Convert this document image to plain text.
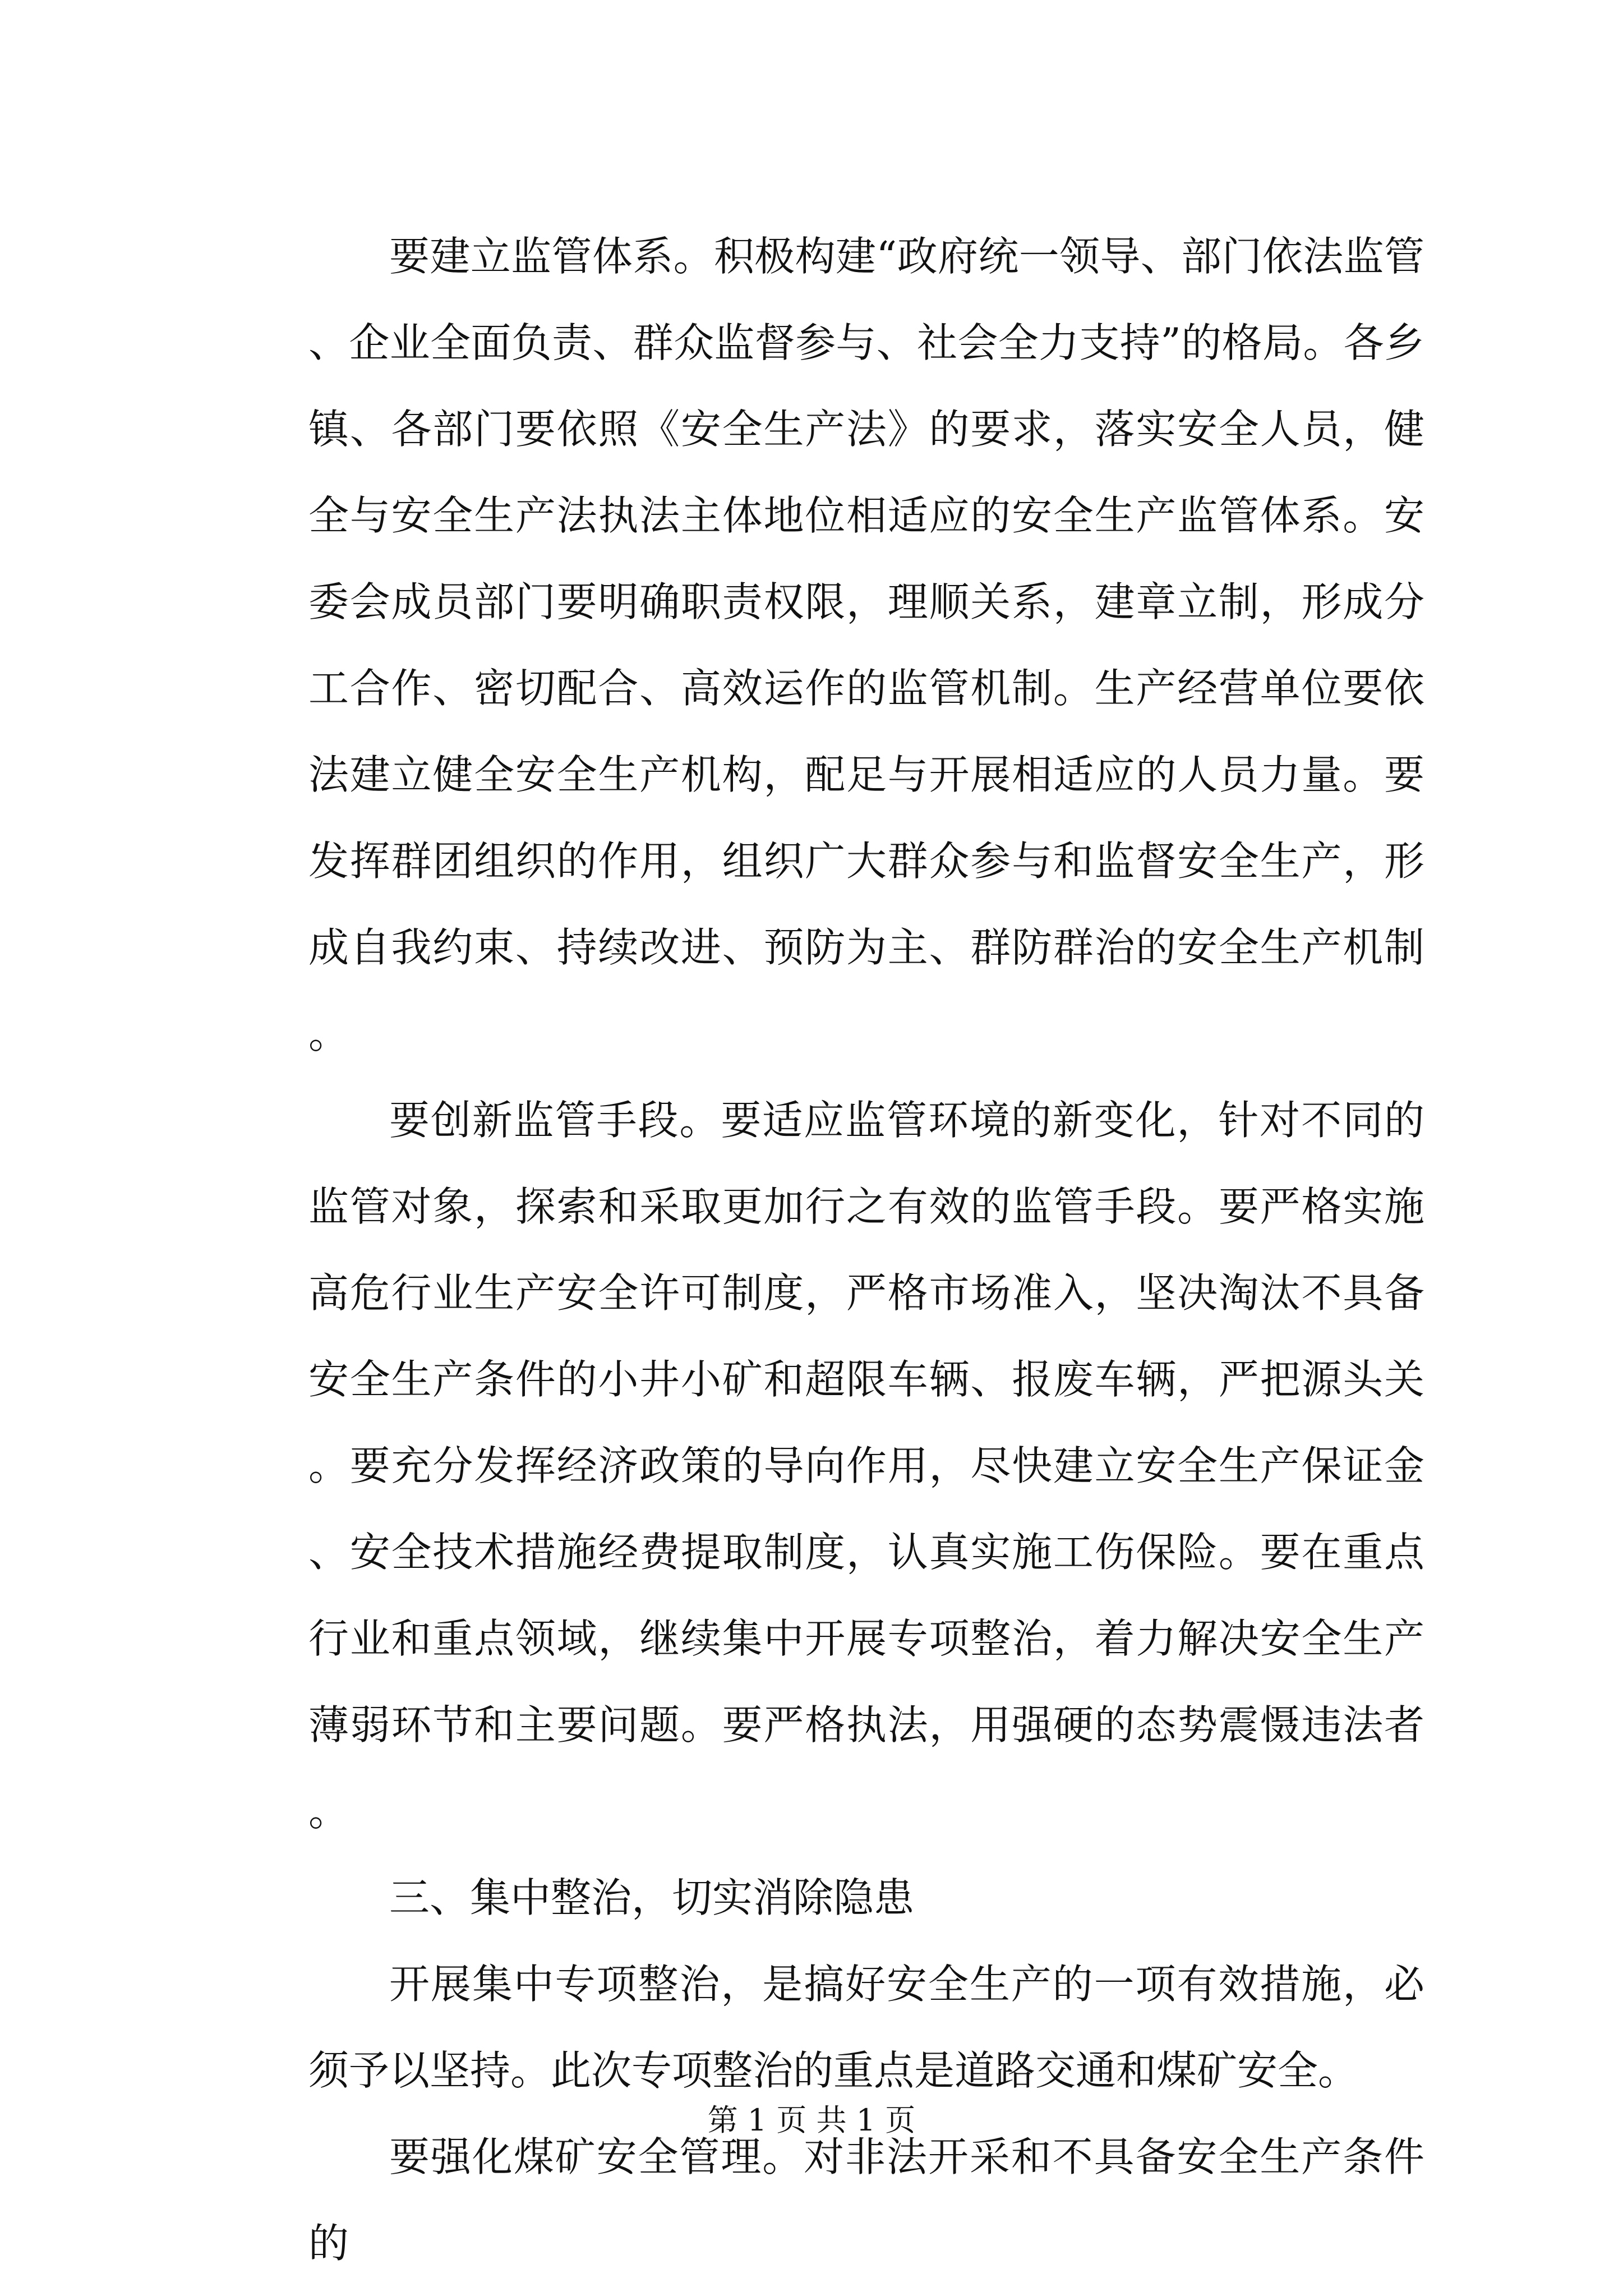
要建立监管体系。积极构建“政府统一领导、部门依法监管、企业全面负责、群众监督参与、社会全力支持”的格局。各乡镇、各部门要依照《安全生产法》的要求，落实安全人员，健全与安全生产法执法主体地位相适应的安全生产监管体系。安委会成员部门要明确职责权限，理顺关系，建章立制，形成分工合作、密切配合、高效运作的监管机制。生产经营单位要依法建立健全安全生产机构，配足与开展相适应的人员力量。要发挥群团组织的作用，组织广大群众参与和监督安全生产，形成自我约束、持续改进、预防为主、群防群治的安全生产机制。

要创新监管手段。要适应监管环境的新变化，针对不同的监管对象，探索和采取更加行之有效的监管手段。要严格实施高危行业生产安全许可制度，严格市场准入，坚决淘汰不具备安全生产条件的小井小矿和超限车辆、报废车辆，严把源头关。要充分发挥经济政策的导向作用，尽快建立安全生产保证金、安全技术措施经费提取制度，认真实施工伤保险。要在重点行业和重点领域，继续集中开展专项整治，着力解决安全生产薄弱环节和主要问题。要严格执法，用强硬的态势震慑违法者。

三、集中整治，切实消除隐患

开展集中专项整治，是搞好安全生产的一项有效措施，必须予以坚持。此次专项整治的重点是道路交通和煤矿安全。

要强化煤矿安全管理。对非法开采和不具备安全生产条件的

第 1 页 共 1 页
